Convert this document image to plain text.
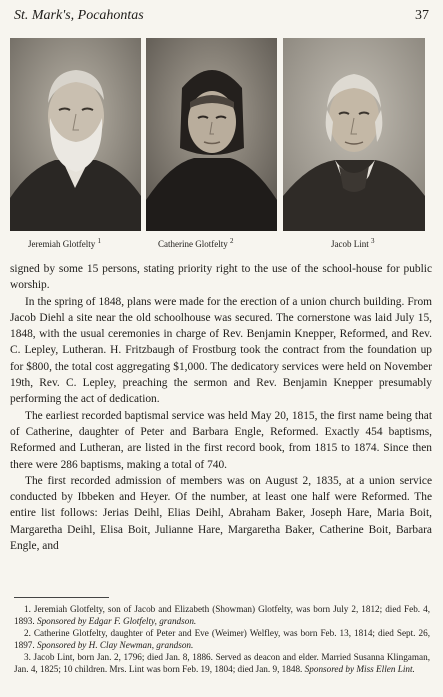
St. Mark's, Pocahontas	37
Jeremiah Glotfelty $^1$	Catherine Glotfelty $^2$	Jacob Lint $^3$

signed by some 15 persons, stating priority right to the use of the school-house for public worship.

In the spring of 1848, plans were made for the erection of a union church building. From Jacob Diehl a site near the old schoolhouse was secured. The cornerstone was laid July 15, 1848, with the usual ceremonies in charge of Rev. Benjamin Knepper, Reformed, and Rev. C. Lepley, Lutheran. H. Fritzbaugh of Frostburg took the contract from the foundation up for $800, the total cost aggregating $1,000. The dedicatory services were held on November 19th, Rev. C. Lepley, preaching the sermon and Rev. Benjamin Knepper presumably performing the act of dedication.

The earliest recorded baptismal service was held May 20, 1815, the first name being that of Catherine, daughter of Peter and Barbara Engle, Reformed. Exactly 454 baptisms, Reformed and Lutheran, are listed in the first record book, from 1815 to 1874. Since then there were 286 baptisms, making a total of 740.

The first recorded admission of members was on August 2, 1835, at a union service conducted by Ibbeken and Heyer. Of the number, at least one half were Reformed. The entire list follows: Jerias Deihl, Elias Deihl, Abraham Baker, Joseph Hare, Maria Boit, Margaretha Deihl, Elisa Boit, Julianne Hare, Margaretha Baker, Catherine Boit, Barbara Engle, and

1. Jeremiah Glotfelty, son of Jacob and Elizabeth (Showman) Glotfelty, was born July 2, 1812; died Feb. 4, 1893. Sponsored by Edgar F. Glotfelty, grandson.

2. Catherine Glotfelty, daughter of Peter and Eve (Weimer) Welfley, was born Feb. 13, 1814; died Sept. 26, 1897. Sponsored by H. Clay Newman, grandson.

3. Jacob Lint, born Jan. 2, 1796; died Jan. 8, 1886. Served as deacon and elder. Married Susanna Klingaman, Jan. 4, 1825; 10 children. Mrs. Lint was born Feb. 19, 1804; died Jan. 9, 1848. Sponsored by Miss Ellen Lint.
